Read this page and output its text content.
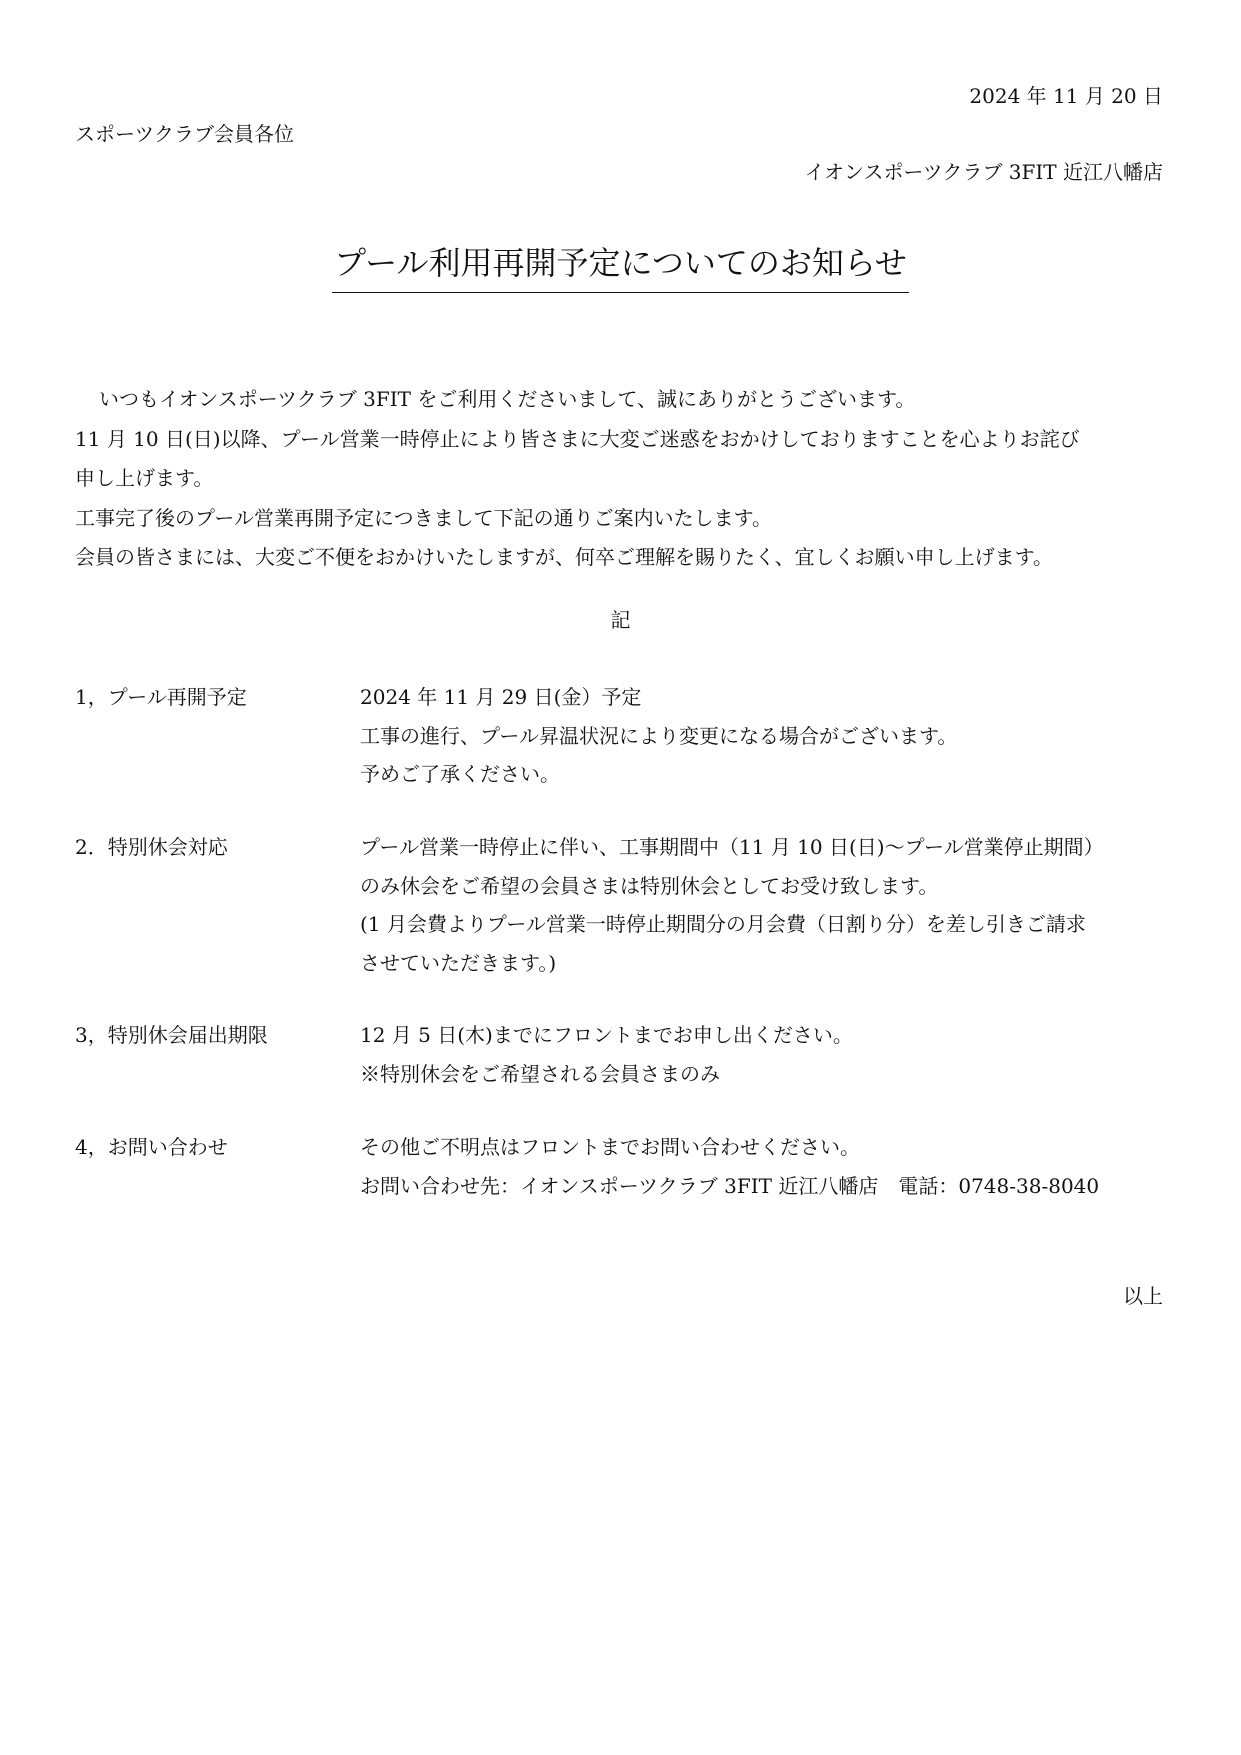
2024 年 11 月 20 日
スポーツクラブ会員各位
イオンスポーツクラブ 3FIT 近江八幡店
プール利用再開予定についてのお知らせ
いつもイオンスポーツクラブ 3FIT をご利用くださいまして、誠にありがとうございます。
11 月 10 日(日)以降、プール営業一時停止により皆さまに大変ご迷惑をおかけしておりますことを心よりお詫び
申し上げます。
工事完了後のプール営業再開予定につきまして下記の通りご案内いたします。
会員の皆さまには、大変ご不便をおかけいたしますが、何卒ご理解を賜りたく、宜しくお願い申し上げます。
記
1，プール再開予定	2024 年 11 月 29 日(金）予定
工事の進行、プール昇温状況により変更になる場合がございます。
予めご了承ください。
2．特別休会対応	プール営業一時停止に伴い、工事期間中（11 月 10 日(日)～プール営業停止期間）
のみ休会をご希望の会員さまは特別休会としてお受け致します。
(1 月会費よりプール営業一時停止期間分の月会費（日割り分）を差し引きご請求
させていただきます。)
3，特別休会届出期限	12 月 5 日(木)までにフロントまでお申し出ください。
※特別休会をご希望される会員さまのみ
4，お問い合わせ	その他ご不明点はフロントまでお問い合わせください。
お問い合わせ先：イオンスポーツクラブ 3FIT 近江八幡店　電話：0748-38-8040
以上
